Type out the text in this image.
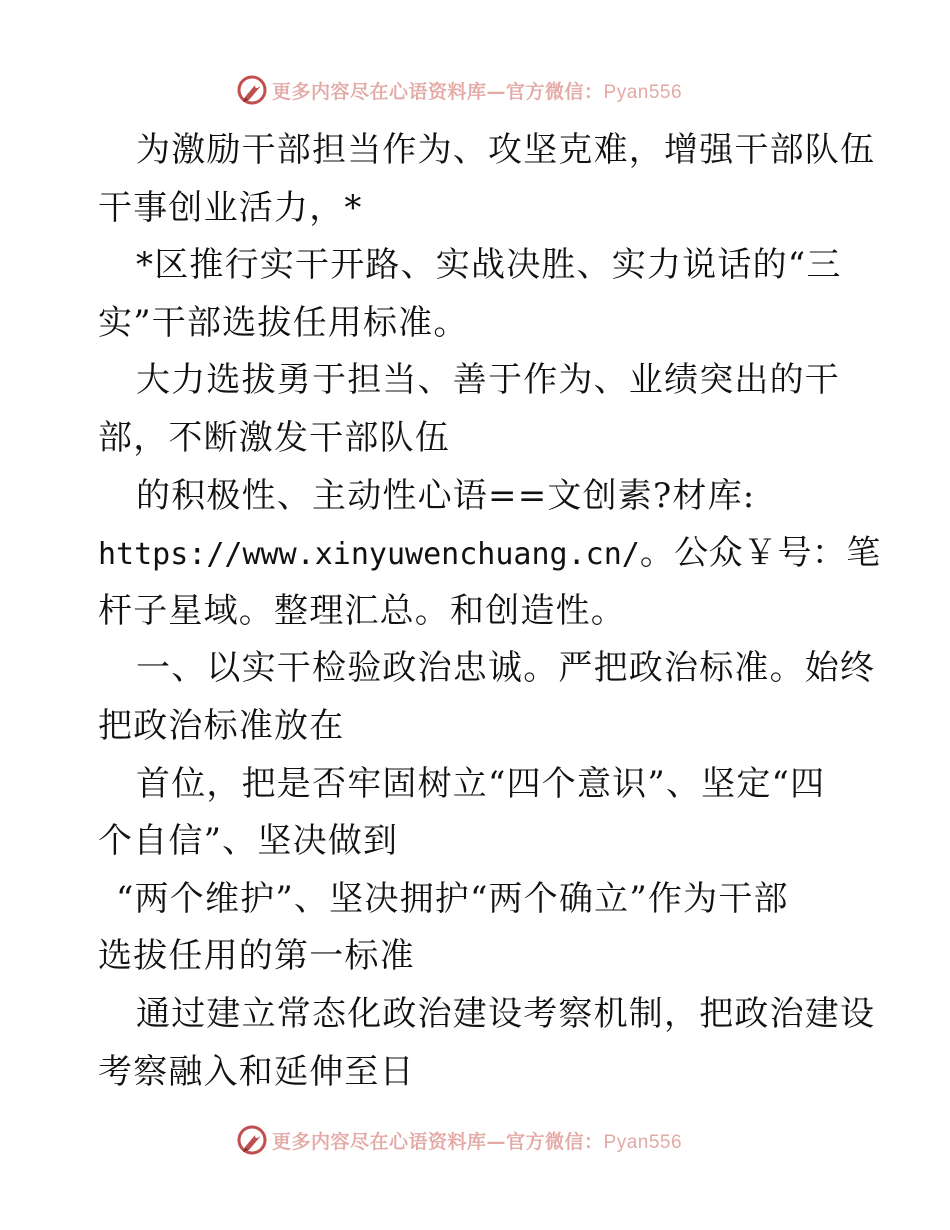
更多内容尽在心语资料库—官方微信：Pyan556
为激励干部担当作为、攻坚克难，增强干部队伍
干事创业活力，*
*区推行实干开路、实战决胜、实力说话的“三
实”干部选拔任用标准。
大力选拔勇于担当、善于作为、业绩突出的干
部，不断激发干部队伍
的积极性、主动性心语==文创素?材库:
https://www.xinyuwenchuang.cn/。公众￥号：笔
杆子星域。整理汇总。和创造性。
一、以实干检验政治忠诚。严把政治标准。始终
把政治标准放在
首位，把是否牢固树立“四个意识”、坚定“四
个自信”、坚决做到
“两个维护”、坚决拥护“两个确立”作为干部
选拔任用的第一标准
通过建立常态化政治建设考察机制，把政治建设
考察融入和延伸至日
更多内容尽在心语资料库—官方微信：Pyan556
